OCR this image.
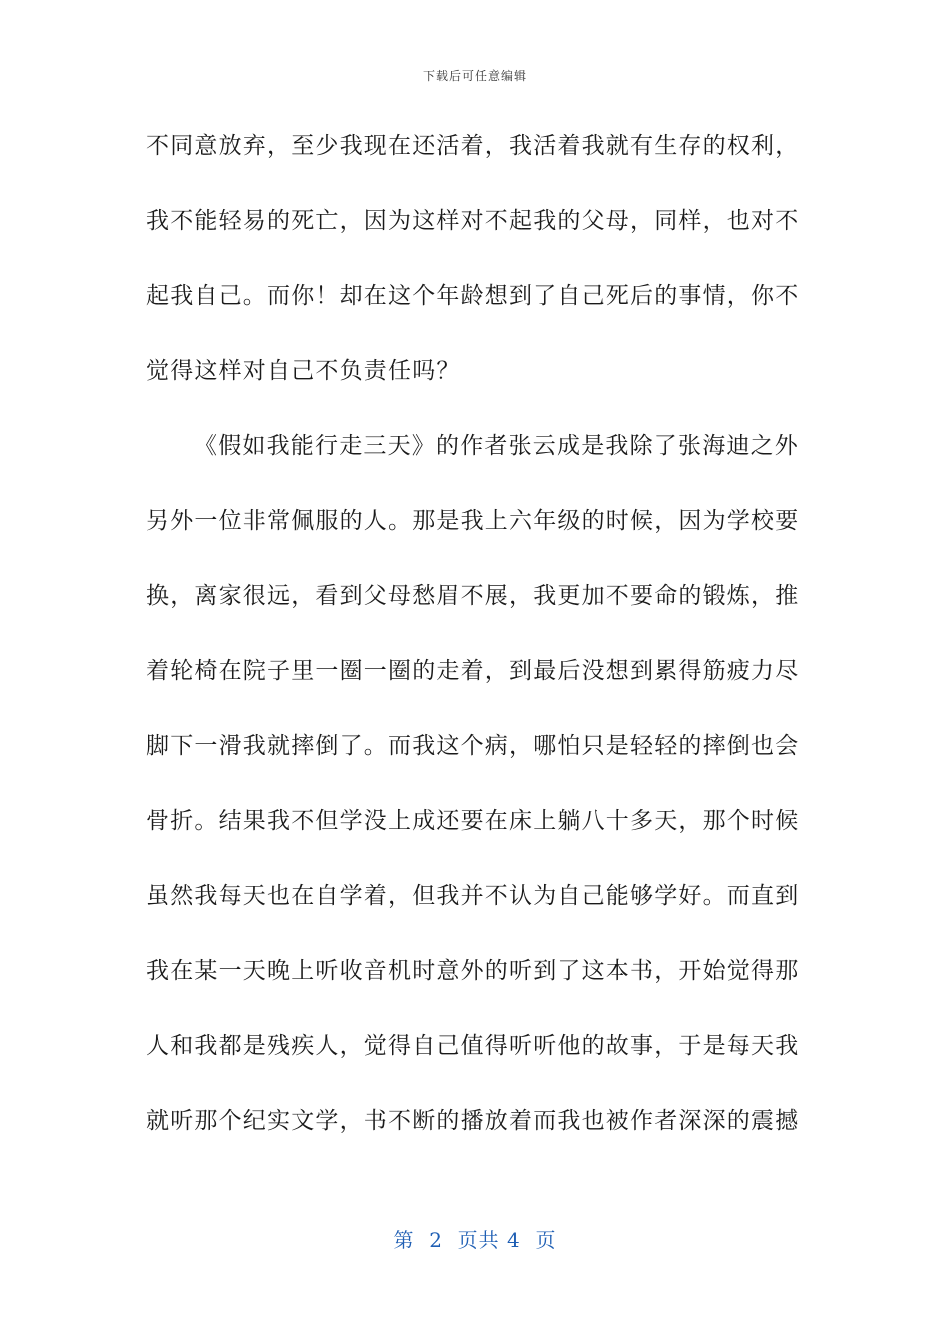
下载后可任意编辑
不同意放弃，至少我现在还活着，我活着我就有生存的权利，
我不能轻易的死亡，因为这样对不起我的父母，同样，也对不
起我自己。而你！却在这个年龄想到了自己死后的事情，你不
觉得这样对自己不负责任吗？
《假如我能行走三天》的作者张云成是我除了张海迪之外
另外一位非常佩服的人。那是我上六年级的时候，因为学校要
换，离家很远，看到父母愁眉不展，我更加不要命的锻炼，推
着轮椅在院子里一圈一圈的走着，到最后没想到累得筋疲力尽
脚下一滑我就摔倒了。而我这个病，哪怕只是轻轻的摔倒也会
骨折。结果我不但学没上成还要在床上躺八十多天，那个时候
虽然我每天也在自学着，但我并不认为自己能够学好。而直到
我在某一天晚上听收音机时意外的听到了这本书，开始觉得那
人和我都是残疾人，觉得自己值得听听他的故事，于是每天我
就听那个纪实文学，书不断的播放着而我也被作者深深的震撼
第  2  页共 4  页
